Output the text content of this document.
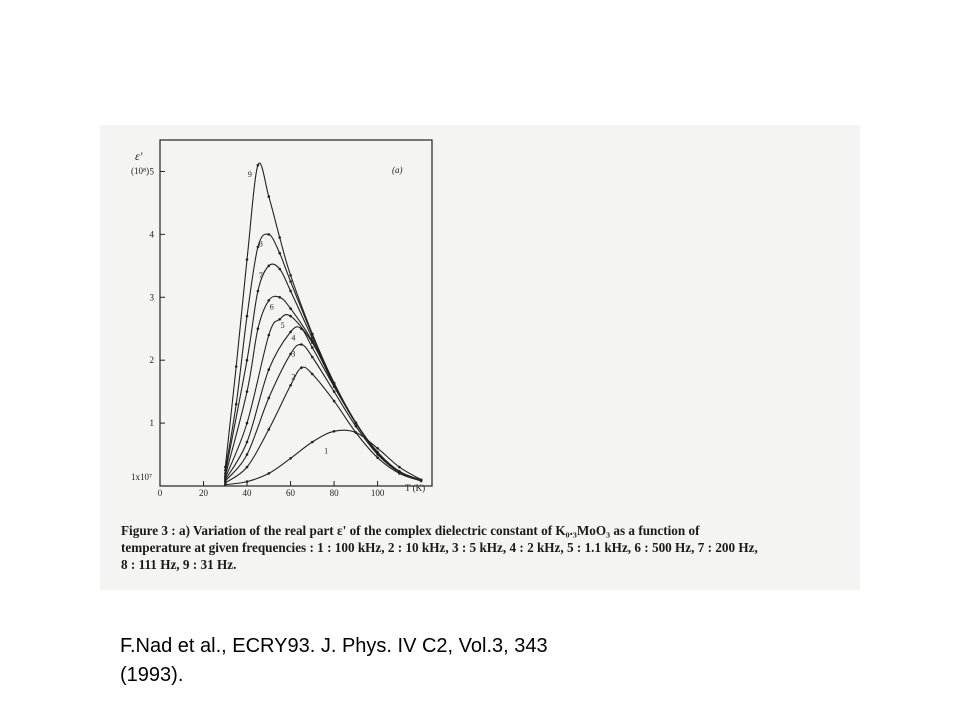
0	20	40	60	80	100
1
2
3
4
5
1
2
3
4
5
6
7
8
9
ε'
(10⁸)
1x10⁷
T (K)
(a)
Figure 3 : a) Variation of the real part ε' of the complex dielectric constant of K₀.₃MoO₃ as a function of
temperature at given frequencies : 1 : 100 kHz, 2 : 10 kHz, 3 : 5 kHz, 4 : 2 kHz, 5 : 1.1 kHz, 6 : 500 Hz, 7 : 200 Hz,
8 : 111 Hz, 9 : 31 Hz.
F.Nad et al., ECRY93. J. Phys. IV C2, Vol.3, 343
(1993).
